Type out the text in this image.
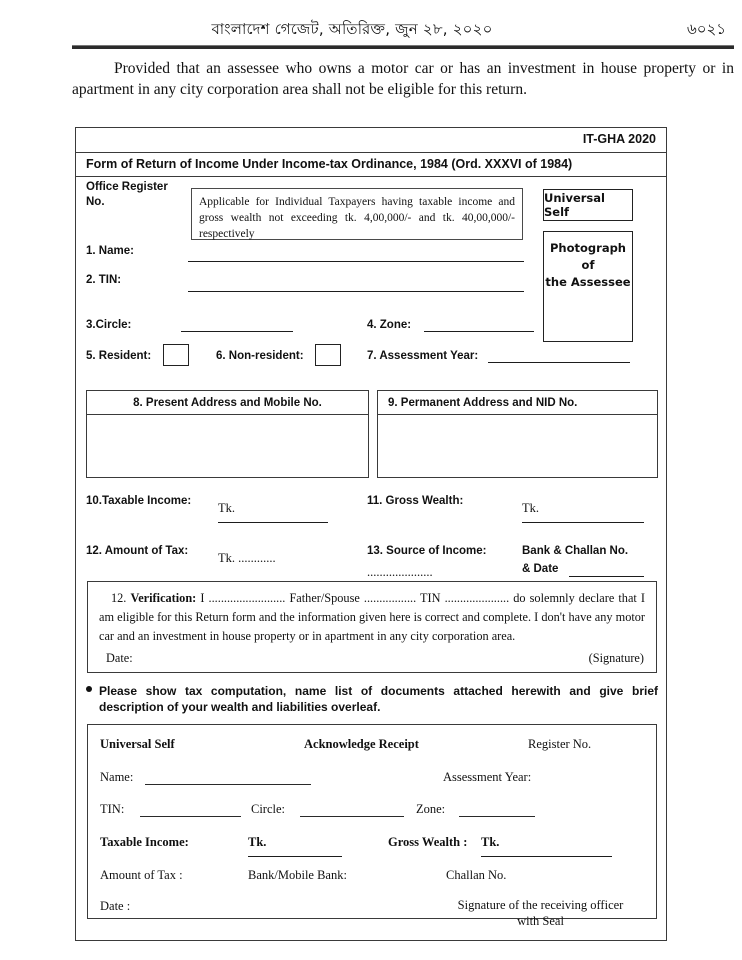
বাংলাদেশ গেজেট, অতিরিক্ত, জুন ২৮, ২০২০	৬০২১
Provided that an assessee who owns a motor car or has an investment in house property or in apartment in any city corporation area shall not be eligible for this return.
IT-GHA 2020
Form of Return of Income Under Income-tax Ordinance, 1984 (Ord. XXXVI of 1984)
Office Register No.	Applicable for Individual Taxpayers having taxable income and gross wealth not exceeding tk. 4,00,000/- and tk. 40,00,000/-respectively
Universal Self
Photograph of
the Assessee
1. Name:
2. TIN:
3.Circle:	4. Zone:
5. Resident:	6. Non-resident:	7. Assessment Year:
8. Present Address and Mobile No.	9. Permanent Address and NID No.
10.Taxable Income: Tk.	11. Gross Wealth:	Tk.
12. Amount of Tax: Tk. ............	13. Source of Income:
.....................
Bank & Challan No.
& Date
12. Verification: I ......................... Father/Spouse ................. TIN ..................... do solemnly declare that I am eligible for this Return form and the information given here is correct and complete. I don't have any motor car and an investment in house property or in apartment in any city corporation area.
Date:	(Signature)
Please show tax computation, name list of documents attached herewith and give brief description of your wealth and liabilities overleaf.
Universal Self	Acknowledge Receipt	Register No.
Name:	Assessment Year:
TIN:	Circle:	Zone:
Taxable Income:	Tk.	Gross Wealth : Tk.
Amount of Tax :	Bank/Mobile Bank:	Challan No.
Date :	Signature of the receiving officer
with Seal
